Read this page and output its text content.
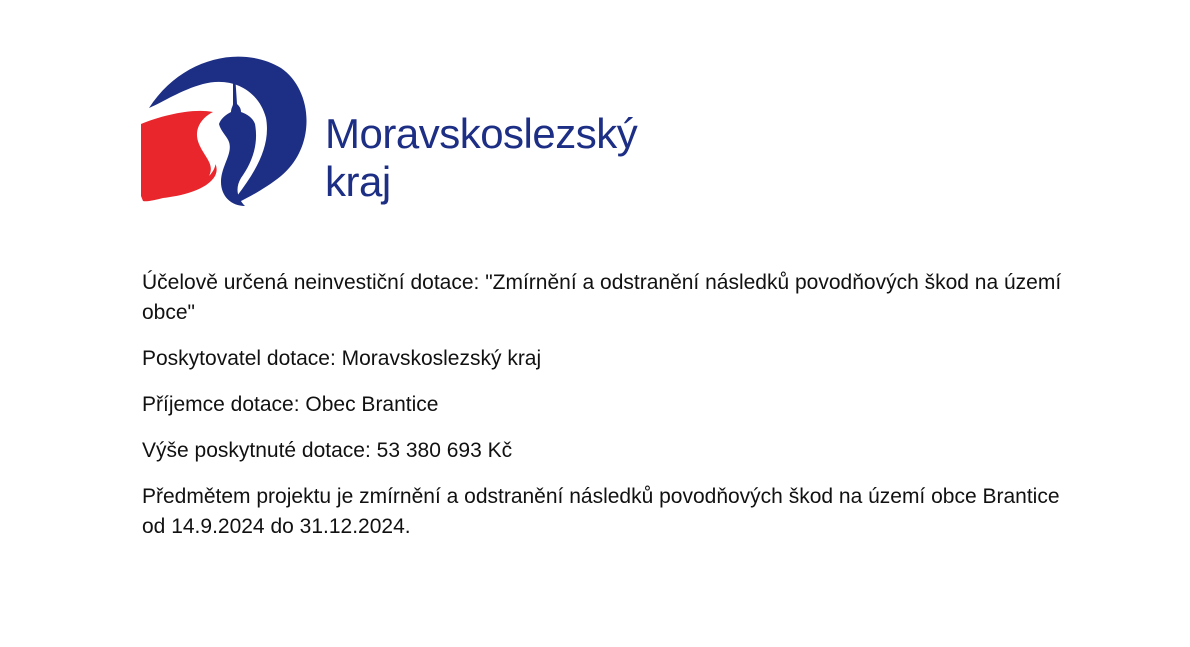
Moravskoslezský
kraj

Účelově určená neinvestiční dotace: "Zmírnění a odstranění následků povodňových škod na území obce"

Poskytovatel dotace: Moravskoslezský kraj

Příjemce dotace: Obec Brantice

Výše poskytnuté dotace: 53 380 693 Kč

Předmětem projektu je zmírnění a odstranění následků povodňových škod na území obce Brantice od 14.9.2024 do 31.12.2024.
